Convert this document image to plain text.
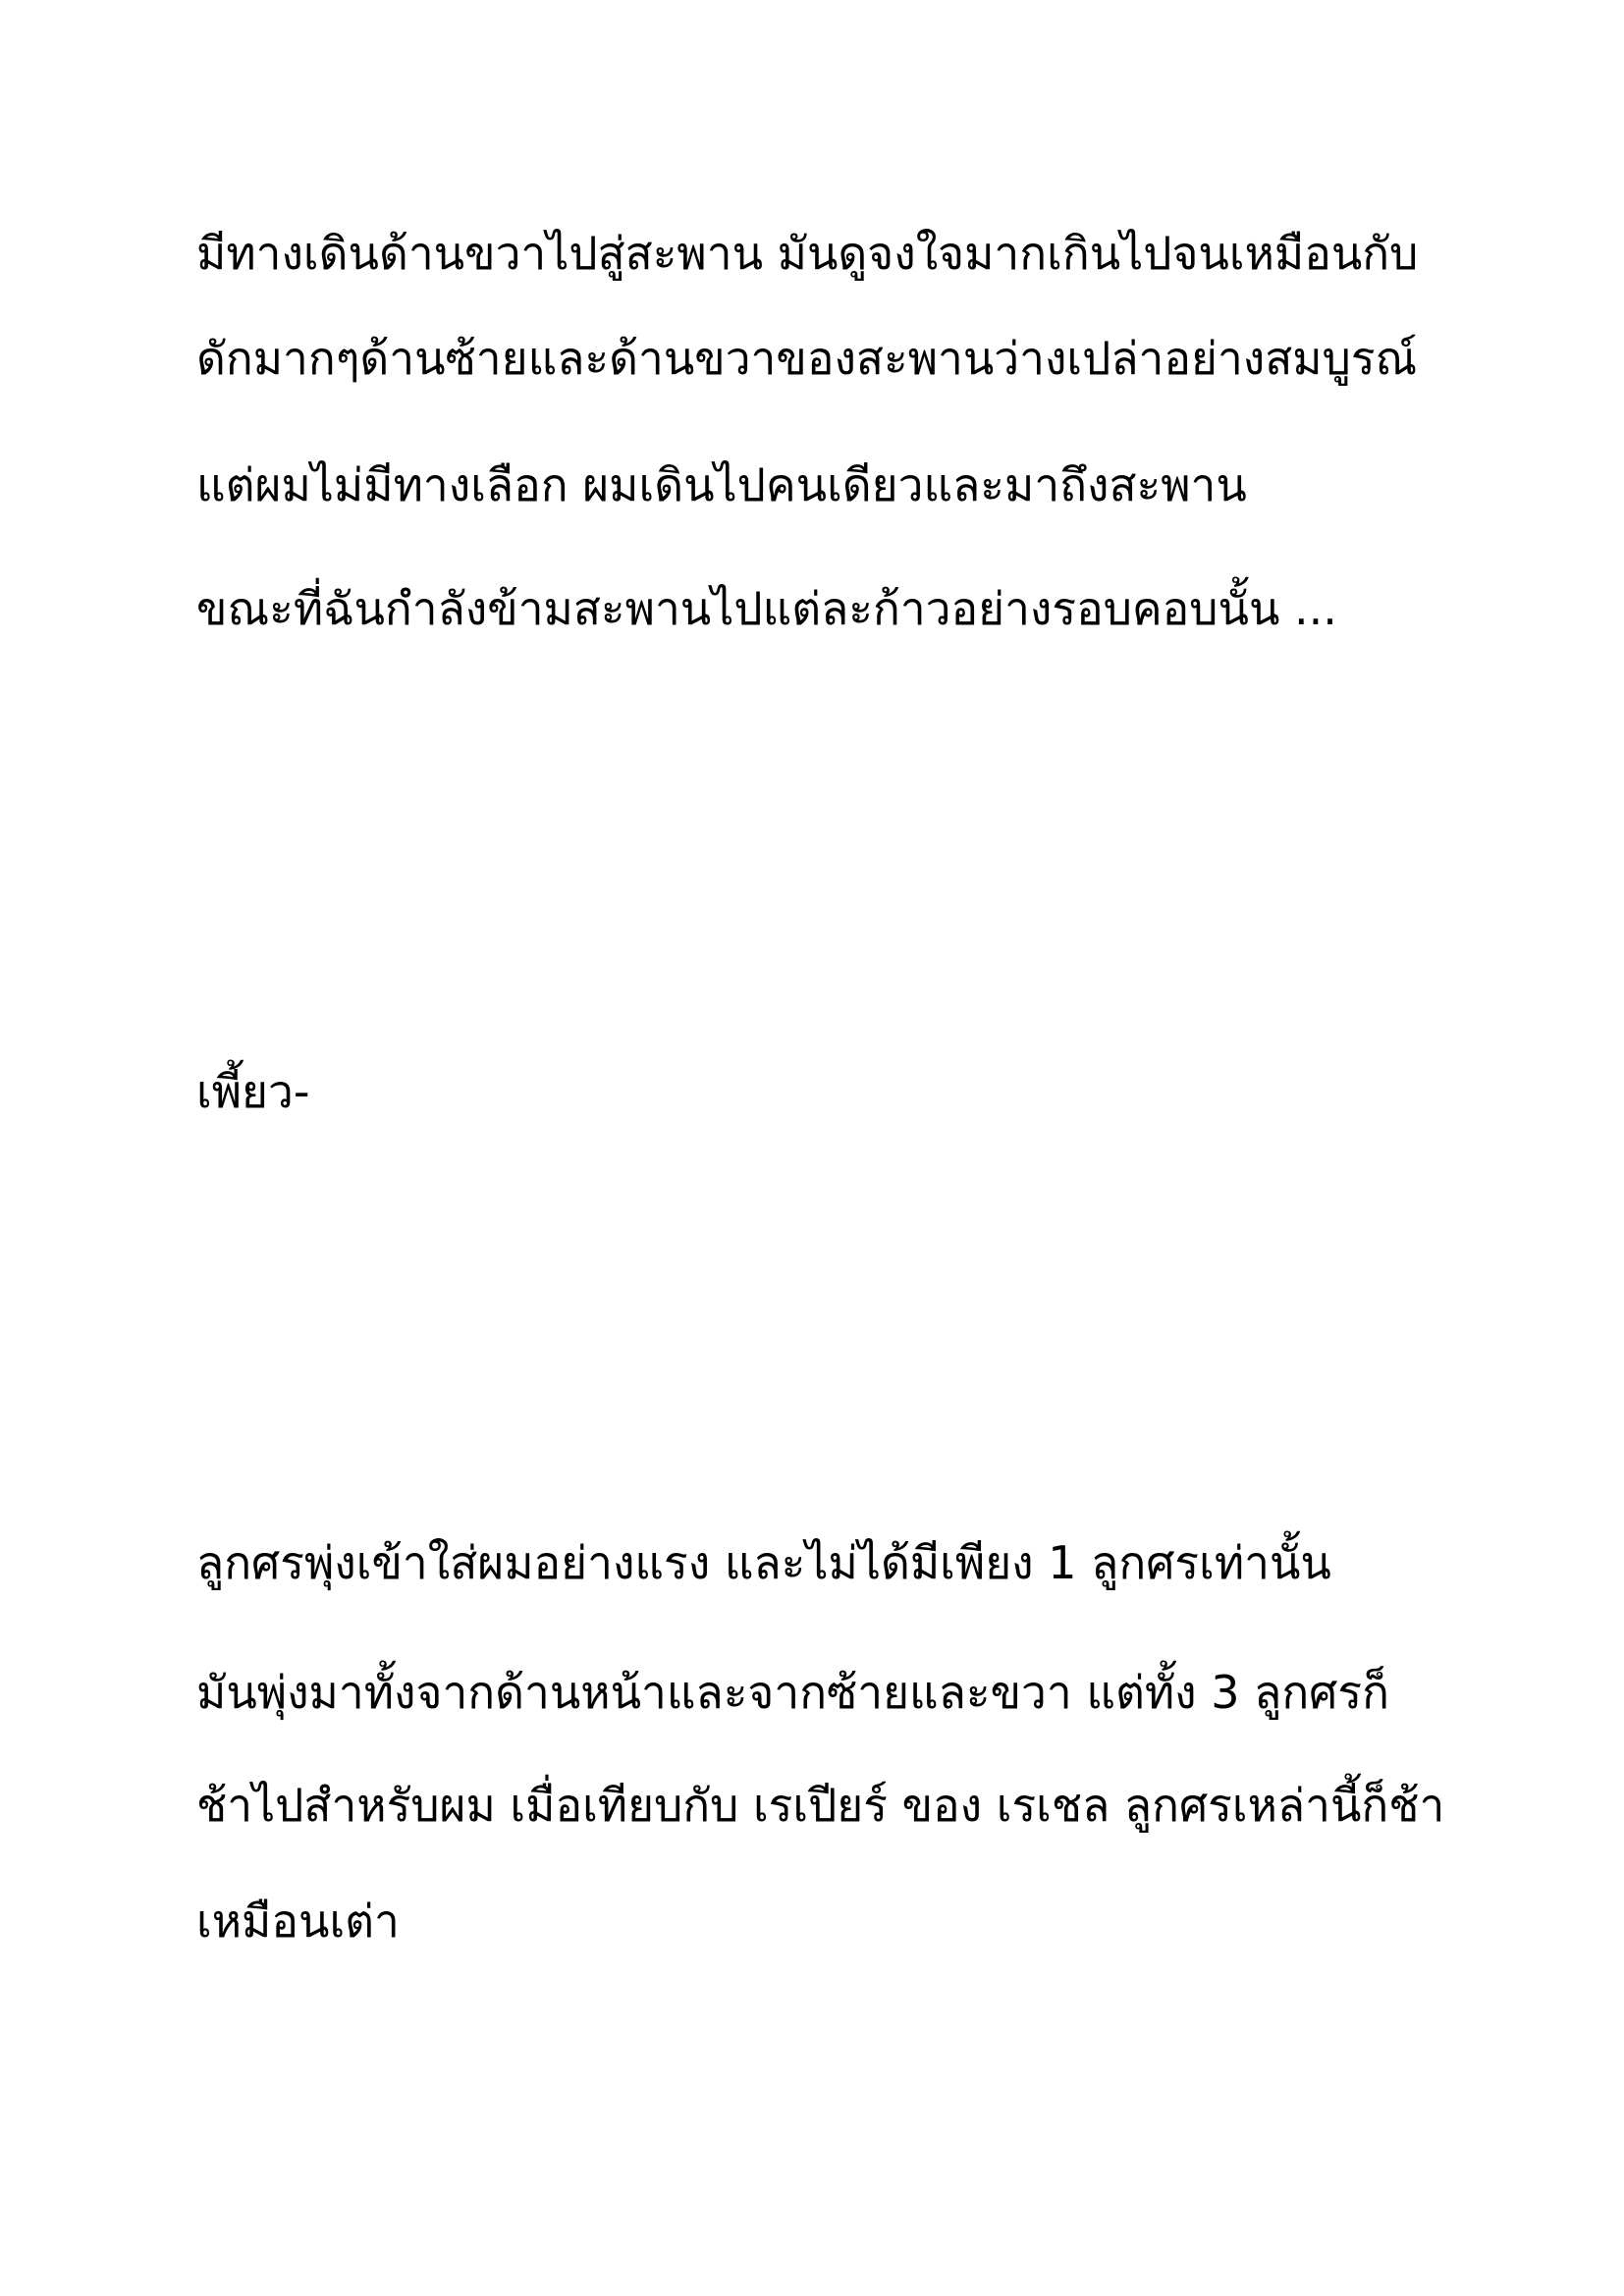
มีทางเดินด้านขวาไปสู่สะพาน มันดูจงใจมากเกินไปจนเหมือนกับ

ดักมากๆด้านซ้ายและด้านขวาของสะพานว่างเปล่าอย่างสมบูรณ์

แต่ผมไม่มีทางเลือก ผมเดินไปคนเดียวและมาถึงสะพาน

ขณะที่ฉันกำลังข้ามสะพานไปแต่ละก้าวอย่างรอบคอบนั้น ...

เพี้ยว-

ลูกศรพุ่งเข้าใส่ผมอย่างแรง และไม่ได้มีเพียง 1 ลูกศรเท่านั้น

มันพุ่งมาทั้งจากด้านหน้าและจากซ้ายและขวา แต่ทั้ง 3 ลูกศรก็

ช้าไปสำหรับผม เมื่อเทียบกับ เรเปียร์ ของ เรเชล ลูกศรเหล่านี้ก็ช้า

เหมือนเต่า
